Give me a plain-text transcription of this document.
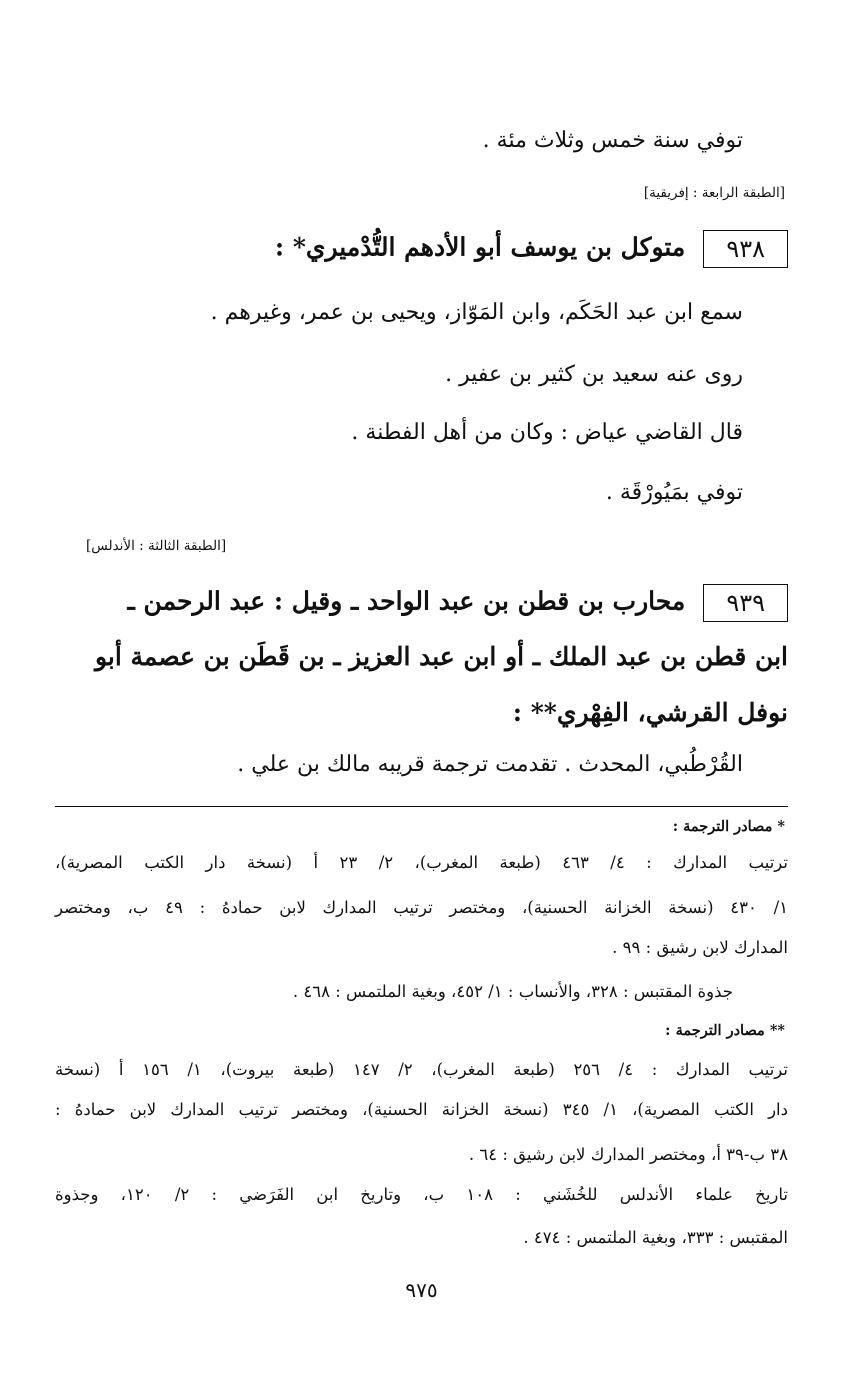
توفي سنة خمس وثلاث مئة .
[الطبقة الرابعة : إفريقية]
٩٣٨متوكل بن يوسف أبو الأدهم التُّدْميري* :
سمع ابن عبد الحَكَم، وابن المَوّاز، ويحيى بن عمر، وغيرهم .
روى عنه سعيد بن كثير بن عفير .
قال القاضي عياض : وكان من أهل الفطنة .
توفي بمَيُورْقَة .
[الطبقة الثالثة : الأندلس]
٩٣٩محارب بن قطن بن عبد الواحد ـ وقيل : عبد الرحمن ـ
ابن قطن بن عبد الملك ـ أو ابن عبد العزيز ـ بن قَطَن بن عصمة أبو
نوفل القرشي، الفِهْري** :
القُرْطُبي، المحدث . تقدمت ترجمة قريبه مالك بن علي .
* مصادر الترجمة :
ترتيب المدارك : ٤/ ٤٦٣ (طبعة المغرب)، ٢/ ٢٣ أ (نسخة دار الكتب المصرية)،
١/ ٤٣٠ (نسخة الخزانة الحسنية)، ومختصر ترتيب المدارك لابن حمادهُ : ٤٩ ب، ومختصر
المدارك لابن رشيق : ٩٩ .
جذوة المقتبس : ٣٢٨، والأنساب : ١/ ٤٥٢، وبغية الملتمس : ٤٦٨ .
** مصادر الترجمة :
ترتيب المدارك : ٤/ ٢٥٦ (طبعة المغرب)، ٢/ ١٤٧ (طبعة بيروت)، ١/ ١٥٦ أ (نسخة
دار الكتب المصرية)، ١/ ٣٤٥ (نسخة الخزانة الحسنية)، ومختصر ترتيب المدارك لابن حمادهُ :
٣٨ ب-٣٩ أ، ومختصر المدارك لابن رشيق : ٦٤ .
تاريخ علماء الأندلس للخُشَني : ١٠٨ ب، وتاريخ ابن الفَرَضي : ٢/ ١٢٠، وجذوة
المقتبس : ٣٣٣، وبغية الملتمس : ٤٧٤ .
٩٧٥
